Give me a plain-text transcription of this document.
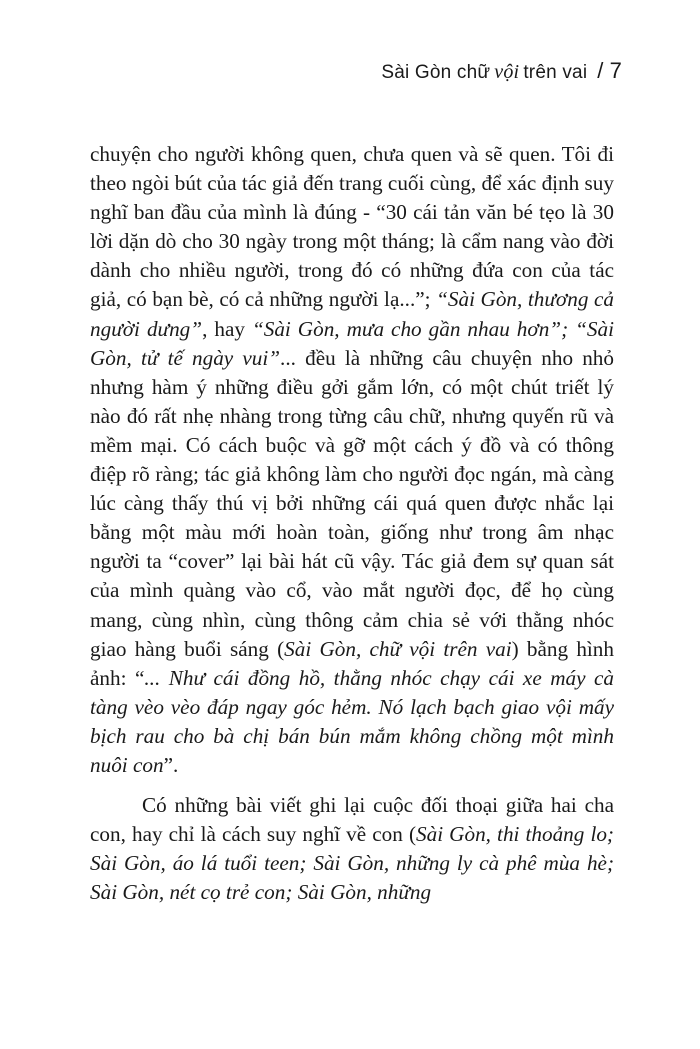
Sài Gòn chữ vội trên vai / 7

chuyện cho người không quen, chưa quen và sẽ quen. Tôi đi theo ngòi bút của tác giả đến trang cuối cùng, để xác định suy nghĩ ban đầu của mình là đúng - “30 cái tản văn bé tẹo là 30 lời dặn dò cho 30 ngày trong một tháng; là cẩm nang vào đời dành cho nhiều người, trong đó có những đứa con của tác giả, có bạn bè, có cả những người lạ...”; “Sài Gòn, thương cả người dưng”, hay “Sài Gòn, mưa cho gần nhau hơn”; “Sài Gòn, tử tế ngày vui”... đều là những câu chuyện nho nhỏ nhưng hàm ý những điều gởi gắm lớn, có một chút triết lý nào đó rất nhẹ nhàng trong từng câu chữ, nhưng quyến rũ và mềm mại. Có cách buộc và gỡ một cách ý đồ và có thông điệp rõ ràng; tác giả không làm cho người đọc ngán, mà càng lúc càng thấy thú vị bởi những cái quá quen được nhắc lại bằng một màu mới hoàn toàn, giống như trong âm nhạc người ta “cover” lại bài hát cũ vậy. Tác giả đem sự quan sát của mình quàng vào cổ, vào mắt người đọc, để họ cùng mang, cùng nhìn, cùng thông cảm chia sẻ với thằng nhóc giao hàng buổi sáng (Sài Gòn, chữ vội trên vai) bằng hình ảnh: “... Như cái đồng hồ, thằng nhóc chạy cái xe máy cà tàng vèo vèo đáp ngay góc hẻm. Nó lạch bạch giao vội mấy bịch rau cho bà chị bán bún mắm không chồng một mình nuôi con”.

Có những bài viết ghi lại cuộc đối thoại giữa hai cha con, hay chỉ là cách suy nghĩ về con (Sài Gòn, thi thoảng lo; Sài Gòn, áo lá tuổi teen; Sài Gòn, những ly cà phê mùa hè; Sài Gòn, nét cọ trẻ con; Sài Gòn, những
